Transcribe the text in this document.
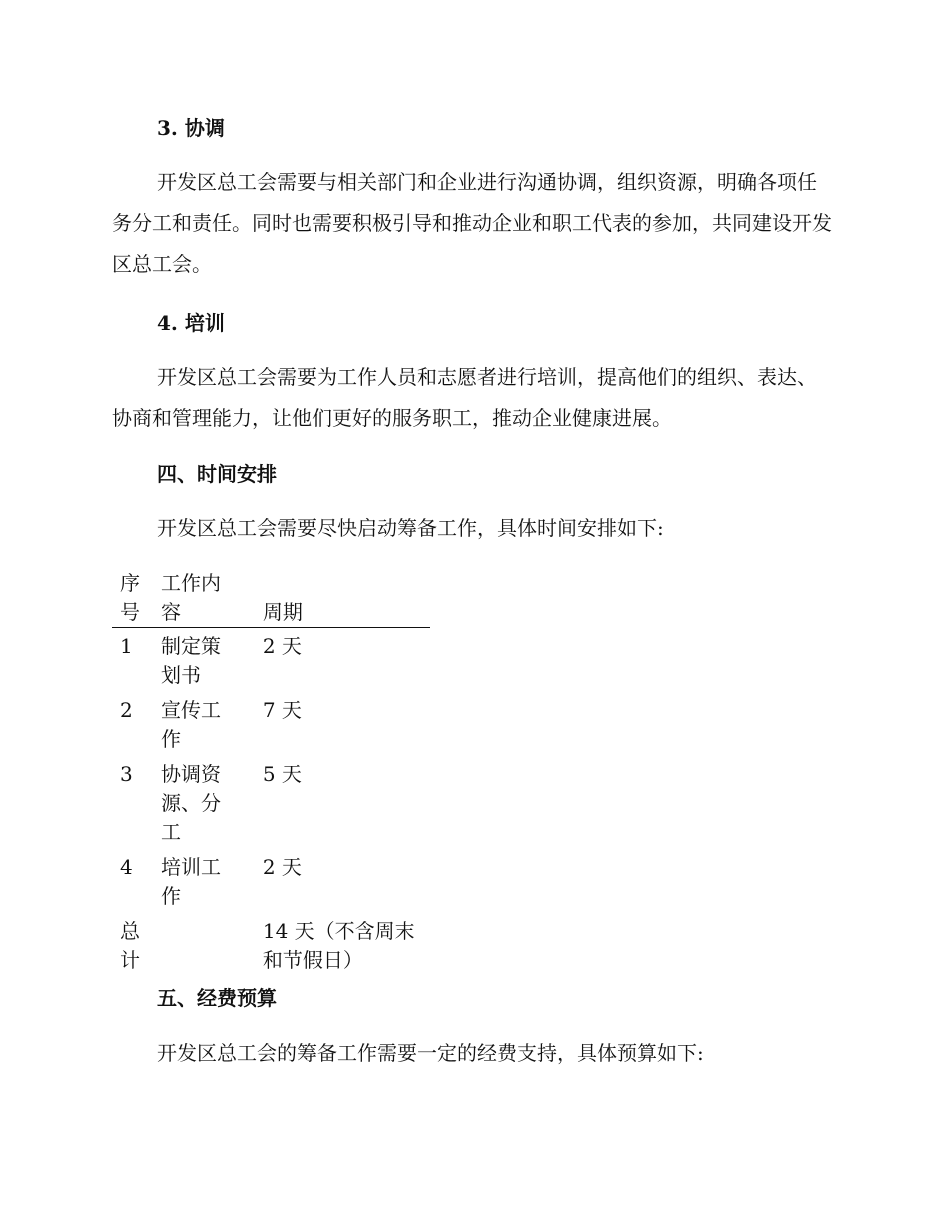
3. 协调
开发区总工会需要与相关部门和企业进行沟通协调，组织资源，明确各项任务分工和责任。同时也需要积极引导和推动企业和职工代表的参加，共同建设开发区总工会。
4. 培训
开发区总工会需要为工作人员和志愿者进行培训，提高他们的组织、表达、协商和管理能力，让他们更好的服务职工，推动企业健康进展。
四、时间安排
开发区总工会需要尽快启动筹备工作，具体时间安排如下:
序号	工作内容	周期

1	制定策划书	2 天

2	宣传工作	7 天

3	协调资源、分工	5 天

4	培训工作	2 天

总计		14 天（不含周末和节假日）
五、经费预算
开发区总工会的筹备工作需要一定的经费支持，具体预算如下:
